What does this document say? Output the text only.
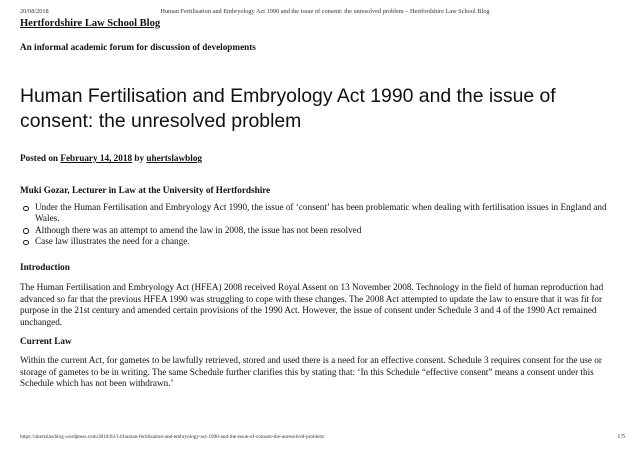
20/08/2018	Human Fertilisation and Embryology Act 1990 and the issue of consent: the unresolved problem – Hertfordshire Law School Blog
Hertfordshire Law School Blog
An informal academic forum for discussion of developments
Human Fertilisation and Embryology Act 1990 and the issue of consent: the unresolved problem
Posted on February 14, 2018 by uhertslawblog
Muki Gozar, Lecturer in Law at the University of Hertfordshire
Under the Human Fertilisation and Embryology Act 1990, the issue of ‘consent’ has been problematic when dealing with fertilisation issues in England and Wales.
Although there was an attempt to amend the law in 2008, the issue has not been resolved
Case law illustrates the need for a change.
Introduction
The Human Fertilisation and Embryology Act (HFEA) 2008 received Royal Assent on 13 November 2008. Technology in the field of human reproduction had advanced so far that the previous HFEA 1990 was struggling to cope with these changes. The 2008 Act attempted to update the law to ensure that it was fit for purpose in the 21st century and amended certain provisions of the 1990 Act. However, the issue of consent under Schedule 3 and 4 of the 1990 Act remained unchanged.
Current Law
Within the current Act, for gametes to be lawfully retrieved, stored and used there is a need for an effective consent. Schedule 3 requires consent for the use or storage of gametes to be in writing. The same Schedule further clarifies this by stating that: ‘In this Schedule “effective consent” means a consent under this Schedule which has not been withdrawn.’
https://uhertslawblog.wordpress.com/2018/02/14/human-fertilisation-and-embryology-act-1990-and-the-issue-of-consent-the-unresolved-problem/	1/5
